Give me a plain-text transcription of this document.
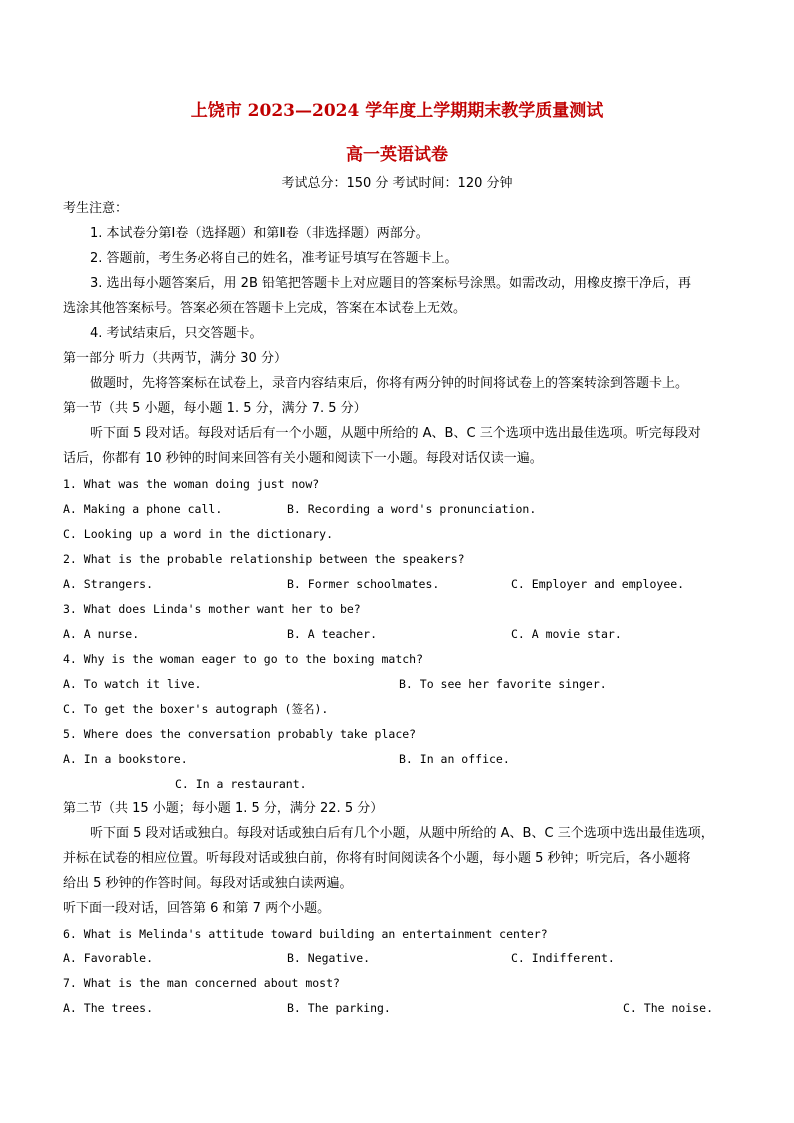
上饶市 2023—2024 学年度上学期期末教学质量测试
高一英语试卷
考试总分：150 分 考试时间：120 分钟
考生注意：
1. 本试卷分第Ⅰ卷（选择题）和第Ⅱ卷（非选择题）两部分。
2. 答题前，考生务必将自己的姓名，准考证号填写在答题卡上。
3. 选出每小题答案后，用 2B 铅笔把答题卡上对应题目的答案标号涂黑。如需改动，用橡皮擦干净后，再
选涂其他答案标号。答案必须在答题卡上完成，答案在本试卷上无效。
4. 考试结束后，只交答题卡。
第一部分 听力（共两节，满分 30 分）
做题时，先将答案标在试卷上，录音内容结束后，你将有两分钟的时间将试卷上的答案转涂到答题卡上。
第一节（共 5 小题，每小题 1. 5 分，满分 7. 5 分）
听下面 5 段对话。每段对话后有一个小题，从题中所给的 A、B、C 三个选项中选出最佳选项。听完每段对
话后，你都有 10 秒钟的时间来回答有关小题和阅读下一小题。每段对话仅读一遍。
1. What was the woman doing just now?
A. Making a phone call.	B. Recording a word's pronunciation.
C. Looking up a word in the dictionary.
2. What is the probable relationship between the speakers?
A. Strangers.	B. Former schoolmates.	C. Employer and employee.
3. What does Linda's mother want her to be?
A. A nurse.	B. A teacher.	C. A movie star.
4. Why is the woman eager to go to the boxing match?
A. To watch it live.	B. To see her favorite singer.
C. To get the boxer's autograph (签名).
5. Where does the conversation probably take place?
A. In a bookstore.	B. In an office.
C. In a restaurant.
第二节（共 15 小题；每小题 1. 5 分，满分 22. 5 分）
听下面 5 段对话或独白。每段对话或独白后有几个小题，从题中所给的 A、B、C 三个选项中选出最佳选项，
并标在试卷的相应位置。听每段对话或独白前，你将有时间阅读各个小题，每小题 5 秒钟；听完后，各小题将
给出 5 秒钟的作答时间。每段对话或独白读两遍。
听下面一段对话，回答第 6 和第 7 两个小题。
6. What is Melinda's attitude toward building an entertainment center?
A. Favorable.	B. Negative.	C. Indifferent.
7. What is the man concerned about most?
A. The trees.	B. The parking.	C. The noise.
